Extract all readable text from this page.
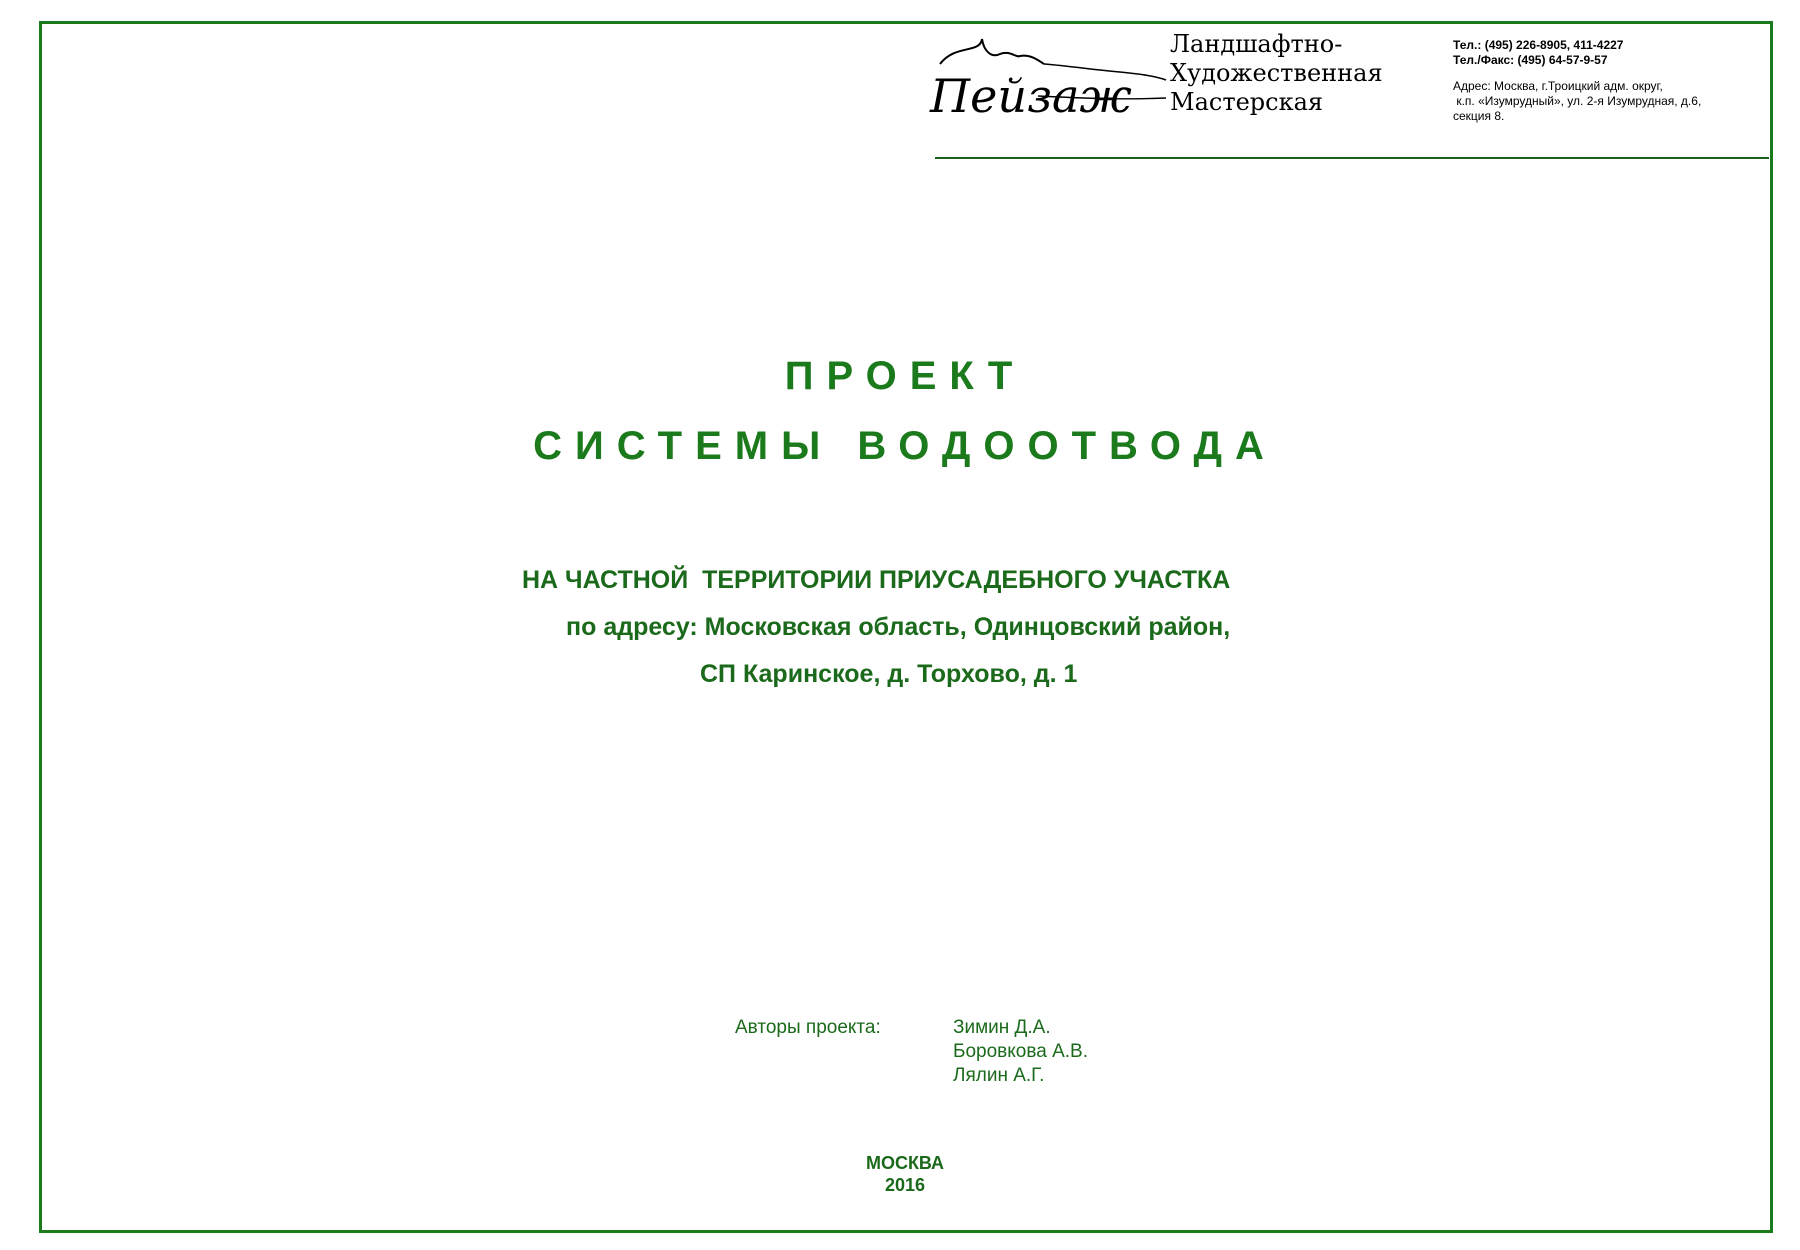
Пейзаж
Ландшафтно-
Художественная
Мастерская
Тел.: (495) 226-8905, 411-4227
Тел./Факс: (495) 64-57-9-57
Адрес: Москва, г.Троицкий адм. округ,
к.п. «Изумрудный», ул. 2-я Изумрудная, д.6,
секция 8.
ПРОЕКТ
СИСТЕМЫ ВОДООТВОДА
НА ЧАСТНОЙ  ТЕРРИТОРИИ ПРИУСАДЕБНОГО УЧАСТКА
по адресу: Московская область, Одинцовский район,
СП Каринское, д. Торхово, д. 1
Авторы проекта:	Зимин Д.А.
Боровкова А.В.
Лялин А.Г.
МОСКВА
2016
